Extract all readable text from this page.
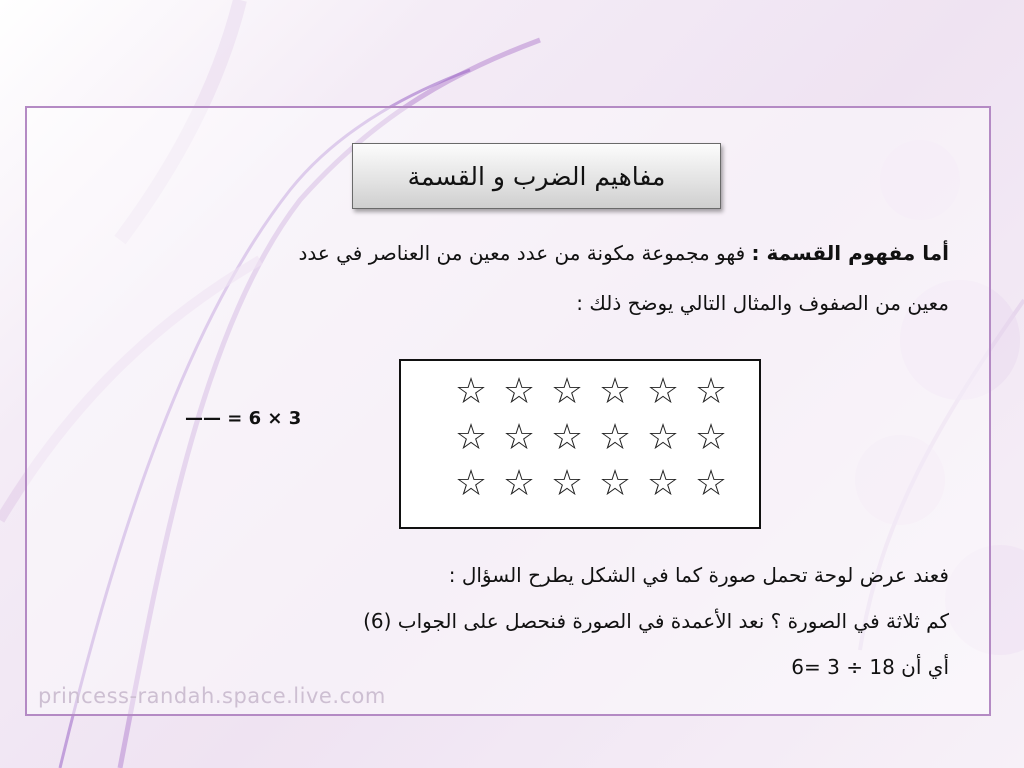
مفاهيم الضرب و القسمة
أما مفهوم القسمة : فهو مجموعة مكونة من عدد معين من العناصر في عدد
معين من الصفوف والمثال التالي يوضح ذلك :
☆ ☆ ☆ ☆ ☆ ☆
☆ ☆ ☆ ☆ ☆ ☆
☆ ☆ ☆ ☆ ☆ ☆
—— = 6 × 3
فعند عرض لوحة تحمل صورة كما في الشكل يطرح السؤال :
كم ثلاثة في الصورة ؟ نعد الأعمدة في الصورة فنحصل على الجواب (6)
أي أن 18 ÷ 3 =6
princess-randah.space.live.com
